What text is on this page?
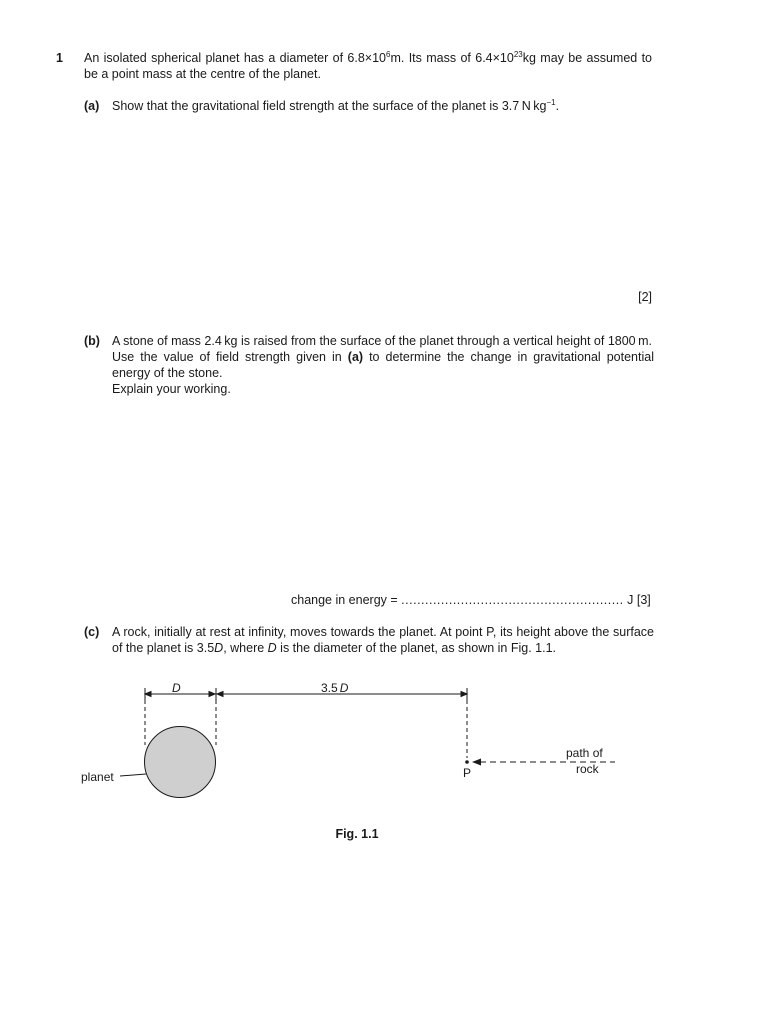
1 An isolated spherical planet has a diameter of $6.8\times 10^6m$. Its mass of $6.4\times 10^{23}kg$ may be assumed to be a point mass at the centre of the planet.
(a) Show that the gravitational field strength at the surface of the planet is 3.7 N $kg^{-1}$.
[2]
(b) A stone of mass 2.4 kg is raised from the surface of the planet through a vertical height of 1800 m.

Use the value of field strength given in (a) to determine the change in gravitational potential energy of the stone.

Explain your working.

change in energy = ........................................................ J [3]
(c) A rock, initially at rest at infinity, moves towards the planet. At point P, its height above the surface of the planet is 3.5D, where D is the diameter of the planet, as shown in Fig. 1.1.
D	3.5 D
planet	P
path of
rock
Fig. 1.1
